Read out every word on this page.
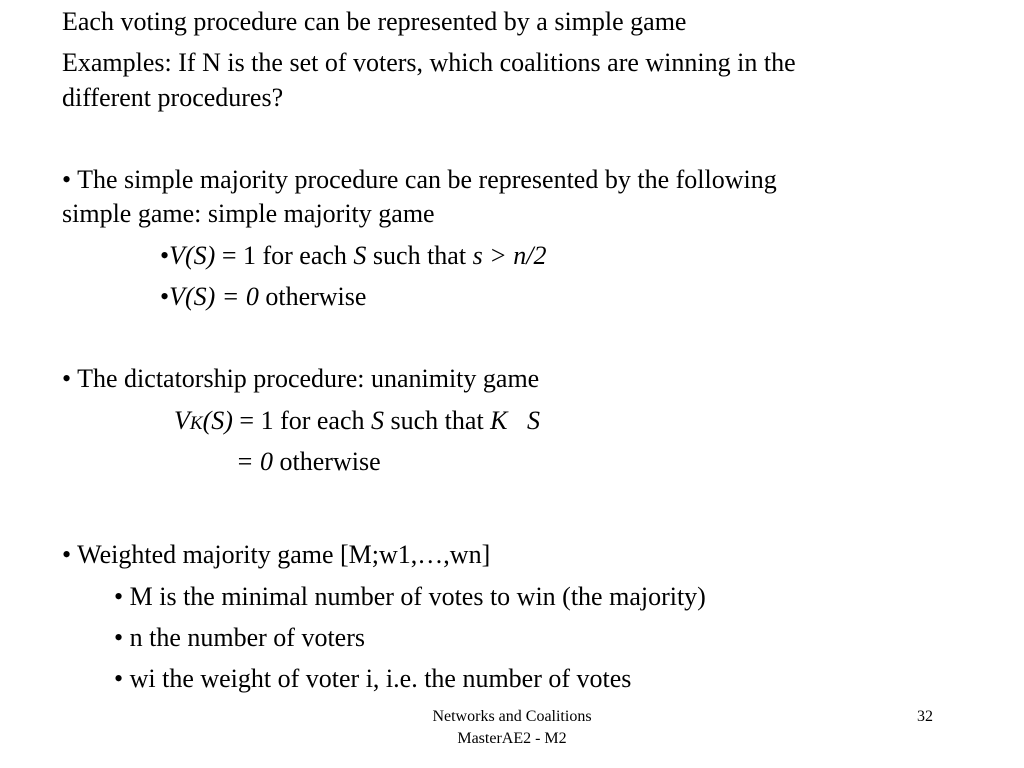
Each voting procedure can be represented by a simple game
Examples: If N is the set of voters, which coalitions are winning in the
different procedures?
• The simple majority procedure can be represented by the following
simple game: simple majority game
•V(S) = 1 for each S such that s > n/2
•V(S) = 0 otherwise
• The dictatorship procedure: unanimity game
VK(S) = 1 for each S such that K S
= 0 otherwise
• Weighted majority game [M;w1,…,wn]
• M is the minimal number of votes to win (the majority)
• n the number of voters
• wi the weight of voter i, i.e. the number of votes
Networks and Coalitions
MasterAE2 - M2
32
